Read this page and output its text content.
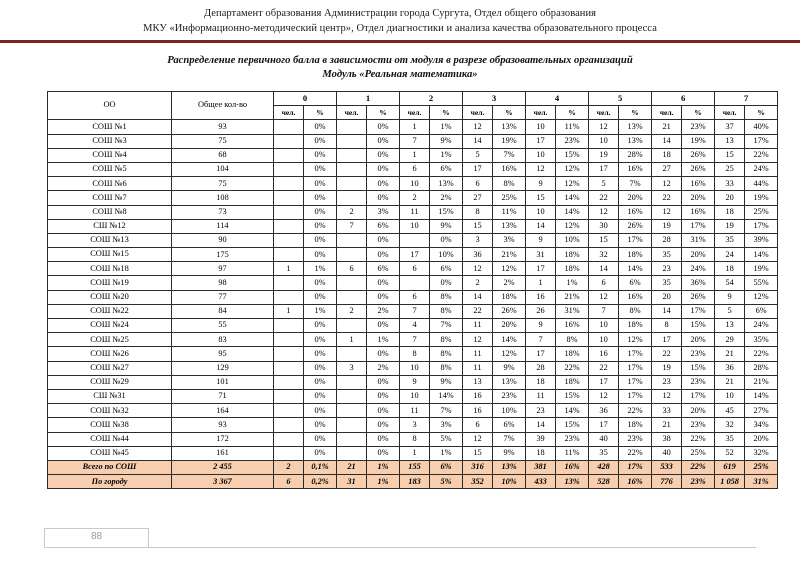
Департамент образования Администрации города Сургута, Отдел общего образования
МКУ «Информационно-методический центр», Отдел диагностики и анализа качества образовательного процесса
Распределение первичного балла в зависимости от модуля в разрезе образовательных организаций
Модуль «Реальная математика»
ОО	Общее кол-во	0		1		2		3		4		5		6		7	
		чел.	%	чел.	%	чел.	%	чел.	%	чел.	%	чел.	%	чел.	%	чел.	%
СОШ №1	93		0%		0%	1	1%	12	13%	10	11%	12	13%	21	23%	37	40%
СОШ №3	75		0%		0%	7	9%	14	19%	17	23%	10	13%	14	19%	13	17%
СОШ №4	68		0%		0%	1	1%	5	7%	10	15%	19	28%	18	26%	15	22%
СОШ №5	104		0%		0%	6	6%	17	16%	12	12%	17	16%	27	26%	25	24%
СОШ №6	75		0%		0%	10	13%	6	8%	9	12%	5	7%	12	16%	33	44%
СОШ №7	108		0%		0%	2	2%	27	25%	15	14%	22	20%	22	20%	20	19%
СОШ №8	73		0%	2	3%	11	15%	8	11%	10	14%	12	16%	12	16%	18	25%
СШ №12	114		0%	7	6%	10	9%	15	13%	14	12%	30	26%	19	17%	19	17%
СОШ №13	90		0%		0%		0%	3	3%	9	10%	15	17%	28	31%	35	39%
СОШ №15	175		0%		0%	17	10%	36	21%	31	18%	32	18%	35	20%	24	14%
СОШ №18	97	1	1%	6	6%	6	6%	12	12%	17	18%	14	14%	23	24%	18	19%
СОШ №19	98		0%		0%		0%	2	2%	1	1%	6	6%	35	36%	54	55%
СОШ №20	77		0%		0%	6	8%	14	18%	16	21%	12	16%	20	26%	9	12%
СОШ №22	84	1	1%	2	2%	7	8%	22	26%	26	31%	7	8%	14	17%	5	6%
СОШ №24	55		0%		0%	4	7%	11	20%	9	16%	10	18%	8	15%	13	24%
СОШ №25	83		0%	1	1%	7	8%	12	14%	7	8%	10	12%	17	20%	29	35%
СОШ №26	95		0%		0%	8	8%	11	12%	17	18%	16	17%	22	23%	21	22%
СОШ №27	129		0%	3	2%	10	8%	11	9%	28	22%	22	17%	19	15%	36	28%
СОШ №29	101		0%		0%	9	9%	13	13%	18	18%	17	17%	23	23%	21	21%
СШ №31	71		0%		0%	10	14%	16	23%	11	15%	12	17%	12	17%	10	14%
СОШ №32	164		0%		0%	11	7%	16	10%	23	14%	36	22%	33	20%	45	27%
СОШ №38	93		0%		0%	3	3%	6	6%	14	15%	17	18%	21	23%	32	34%
СОШ №44	172		0%		0%	8	5%	12	7%	39	23%	40	23%	38	22%	35	20%
СОШ №45	161		0%		0%	1	1%	15	9%	18	11%	35	22%	40	25%	52	32%
Всего по СОШ	2 455	2	0,1%	21	1%	155	6%	316	13%	381	16%	428	17%	533	22%	619	25%
По городу	3 367	6	0,2%	31	1%	183	5%	352	10%	433	13%	528	16%	776	23%	1 058	31%
88
